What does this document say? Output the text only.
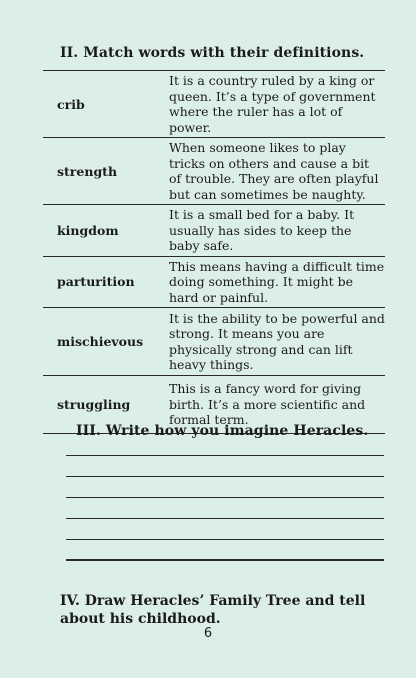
II. Match words with their definitions.
crib	It is a country ruled by a king or queen. It’s a type of government where the ruler has a lot of power.
strength	When someone likes to play tricks on others and cause a bit of trouble. They are often playful but can sometimes be naughty.
kingdom	It is a small bed for a baby. It usually has sides to keep the baby safe.
parturition	This means having a difficult time doing something. It might be hard or painful.
mischievous	It is the ability to be powerful and strong. It means you are physically strong and can lift heavy things.
struggling	This is a fancy word for giving birth. It’s a more scientific and formal term.
III. Write how you imagine Heracles.
IV. Draw Heracles’ Family Tree and tell about his childhood.
6
